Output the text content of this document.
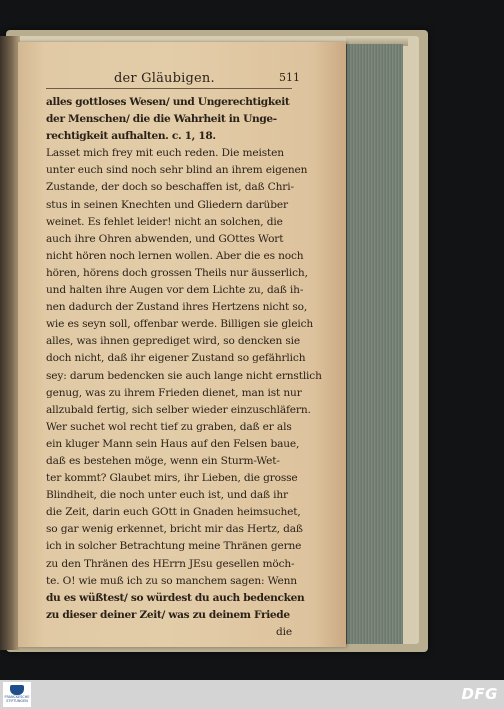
der Gläubigen.	511
alles gottloses Wesen/ und Ungerechtigkeit
der Menschen/ die die Wahrheit in Unge-
rechtigkeit aufhalten. c. 1, 18.
Lasset mich frey mit euch reden. Die meisten
unter euch sind noch sehr blind an ihrem eigenen
Zustande, der doch so beschaffen ist, daß Chri-
stus in seinen Knechten und Gliedern darüber
weinet. Es fehlet leider! nicht an solchen, die
auch ihre Ohren abwenden, und GOttes Wort
nicht hören noch lernen wollen. Aber die es noch
hören, hörens doch grossen Theils nur äusserlich,
und halten ihre Augen vor dem Lichte zu, daß ih-
nen dadurch der Zustand ihres Hertzens nicht so,
wie es seyn soll, offenbar werde. Billigen sie gleich
alles, was ihnen geprediget wird, so dencken sie
doch nicht, daß ihr eigener Zustand so gefährlich
sey: darum bedencken sie auch lange nicht ernstlich
genug, was zu ihrem Frieden dienet, man ist nur
allzubald fertig, sich selber wieder einzuschläfern.
Wer suchet wol recht tief zu graben, daß er als
ein kluger Mann sein Haus auf den Felsen baue,
daß es bestehen möge, wenn ein Sturm-Wet-
ter kommt? Glaubet mirs, ihr Lieben, die grosse
Blindheit, die noch unter euch ist, und daß ihr
die Zeit, darin euch GOtt in Gnaden heimsuchet,
so gar wenig erkennet, bricht mir das Hertz, daß
ich in solcher Betrachtung meine Thränen gerne
zu den Thränen des HErrn JEsu gesellen möch-
te. O! wie muß ich zu so manchem sagen: Wenn
du es wüßtest/ so würdest du auch bedencken
zu dieser deiner Zeit/ was zu deinem Friede
die
FRANCKESCHE STIFTUNGEN	DFG
